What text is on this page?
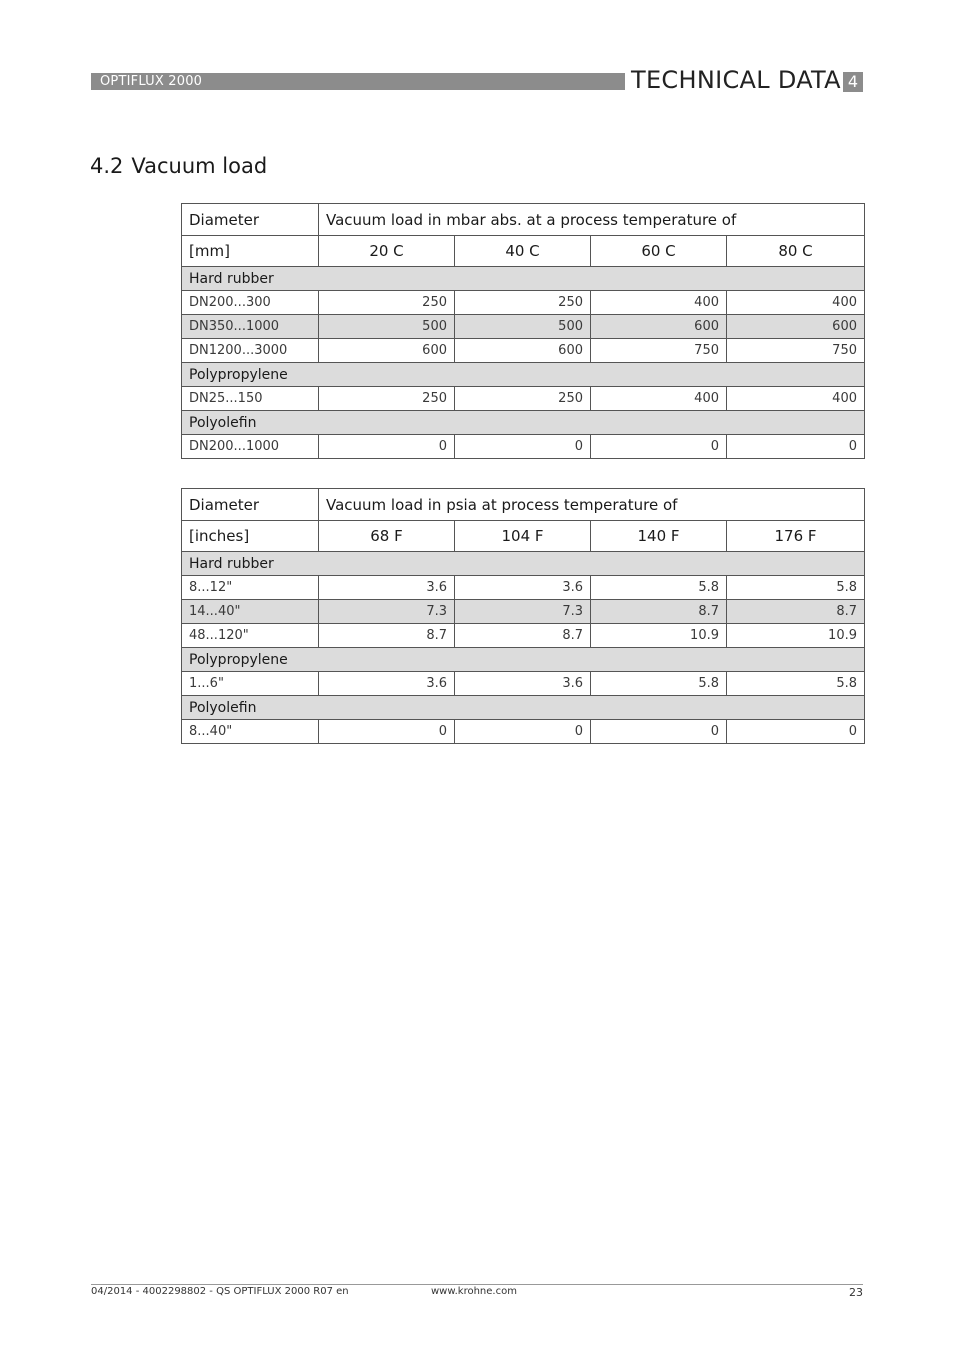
OPTIFLUX 2000	TECHNICAL DATA 4
4.2 Vacuum load
Diameter	Vacuum load in mbar abs. at a process temperature of			
[mm]	20 C	40 C	60 C	80 C
Hard rubber				
DN200...300	250	250	400	400
DN350...1000	500	500	600	600
DN1200...3000	600	600	750	750
Polypropylene				
DN25...150	250	250	400	400
Polyolefin				
DN200...1000	0	0	0	0
Diameter	Vacuum load in psia at process temperature of			
[inches]	68 F	104 F	140 F	176 F
Hard rubber				
8...12"	3.6	3.6	5.8	5.8
14...40"	7.3	7.3	8.7	8.7
48...120"	8.7	8.7	10.9	10.9
Polypropylene				
1...6"	3.6	3.6	5.8	5.8
Polyolefin				
8...40"	0	0	0	0
04/2014 - 4002298802 - QS OPTIFLUX 2000 R07 en	www.krohne.com	23
